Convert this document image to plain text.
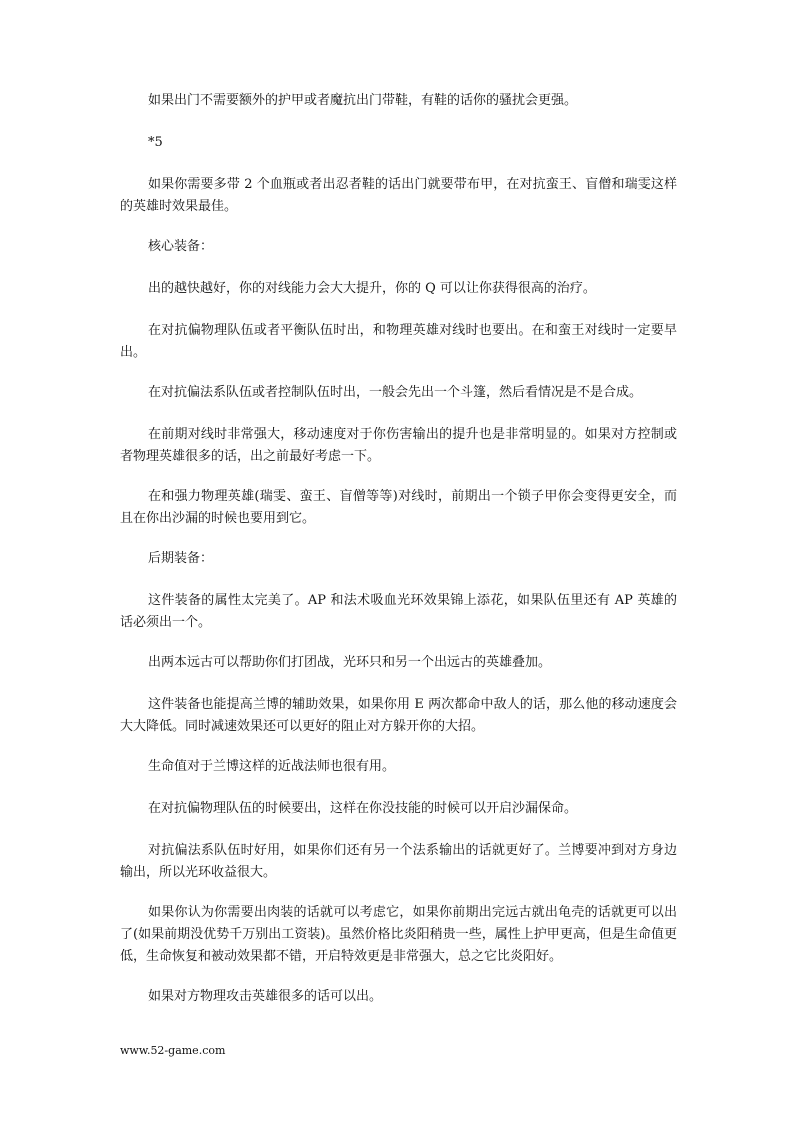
如果出门不需要额外的护甲或者魔抗出门带鞋，有鞋的话你的骚扰会更强。

*5

如果你需要多带 2 个血瓶或者出忍者鞋的话出门就要带布甲，在对抗蛮王、盲僧和瑞雯这样的英雄时效果最佳。

核心装备：

出的越快越好，你的对线能力会大大提升，你的 Q 可以让你获得很高的治疗。

在对抗偏物理队伍或者平衡队伍时出，和物理英雄对线时也要出。在和蛮王对线时一定要早出。

在对抗偏法系队伍或者控制队伍时出，一般会先出一个斗篷，然后看情况是不是合成。

在前期对线时非常强大，移动速度对于你伤害输出的提升也是非常明显的。如果对方控制或者物理英雄很多的话，出之前最好考虑一下。

在和强力物理英雄(瑞雯、蛮王、盲僧等等)对线时，前期出一个锁子甲你会变得更安全，而且在你出沙漏的时候也要用到它。

后期装备：

这件装备的属性太完美了。AP 和法术吸血光环效果锦上添花，如果队伍里还有 AP 英雄的话必须出一个。

出两本远古可以帮助你们打团战，光环只和另一个出远古的英雄叠加。

这件装备也能提高兰博的辅助效果，如果你用 E 两次都命中敌人的话，那么他的移动速度会大大降低。同时减速效果还可以更好的阻止对方躲开你的大招。

生命值对于兰博这样的近战法师也很有用。

在对抗偏物理队伍的时候要出，这样在你没技能的时候可以开启沙漏保命。

对抗偏法系队伍时好用，如果你们还有另一个法系输出的话就更好了。兰博要冲到对方身边输出，所以光环收益很大。

如果你认为你需要出肉装的话就可以考虑它，如果你前期出完远古就出龟壳的话就更可以出了(如果前期没优势千万别出工资装)。虽然价格比炎阳稍贵一些，属性上护甲更高，但是生命值更低，生命恢复和被动效果都不错，开启特效更是非常强大，总之它比炎阳好。

如果对方物理攻击英雄很多的话可以出。

www.52-game.com
